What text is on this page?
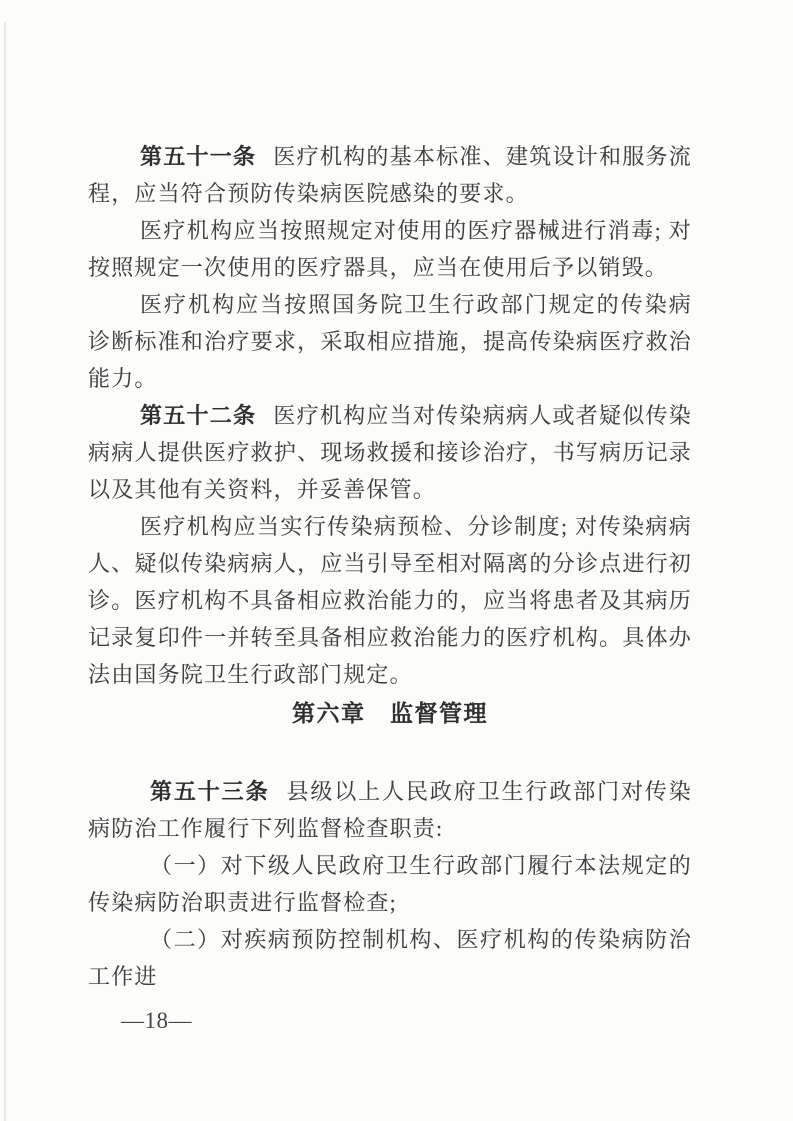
第五十一条 医疗机构的基本标准、建筑设计和服务流程，应当符合预防传染病医院感染的要求。

医疗机构应当按照规定对使用的医疗器械进行消毒; 对按照规定一次使用的医疗器具，应当在使用后予以销毁。

医疗机构应当按照国务院卫生行政部门规定的传染病诊断标准和治疗要求，采取相应措施，提高传染病医疗救治能力。

第五十二条 医疗机构应当对传染病病人或者疑似传染病病人提供医疗救护、现场救援和接诊治疗，书写病历记录以及其他有关资料，并妥善保管。

医疗机构应当实行传染病预检、分诊制度; 对传染病病人、疑似传染病病人，应当引导至相对隔离的分诊点进行初诊。医疗机构不具备相应救治能力的，应当将患者及其病历记录复印件一并转至具备相应救治能力的医疗机构。具体办法由国务院卫生行政部门规定。

第六章　监督管理

第五十三条 县级以上人民政府卫生行政部门对传染病防治工作履行下列监督检查职责:

（一）对下级人民政府卫生行政部门履行本法规定的传染病防治职责进行监督检查;

（二）对疾病预防控制机构、医疗机构的传染病防治工作进

—18—
